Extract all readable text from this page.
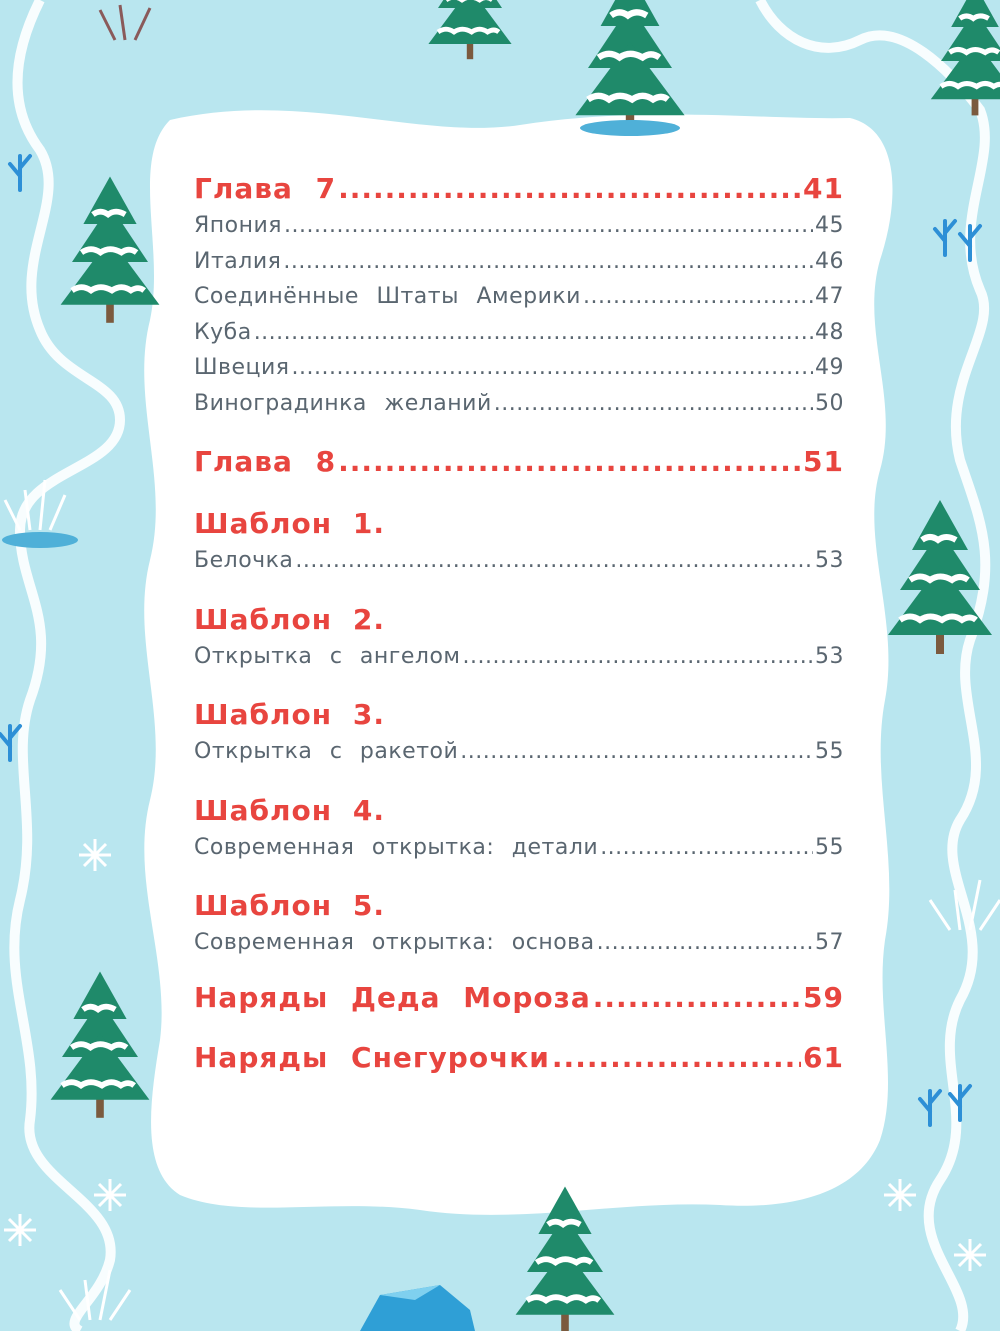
Глава 7 .....	41
Япония .....	45
Италия .....	46
Соединённые Штаты Америки .....	47
Куба .....	48
Швеция .....	49
Виноградинка желаний .....	50
Глава 8 .....	51
Шаблон 1.
Белочка .....	53
Шаблон 2.
Открытка с ангелом .....	53
Шаблон 3.
Открытка с ракетой .....	55
Шаблон 4.
Современная открытка: детали .....	55
Шаблон 5.
Современная открытка: основа .....	57
Наряды Деда Мороза .....	59
Наряды Снегурочки .....	61
